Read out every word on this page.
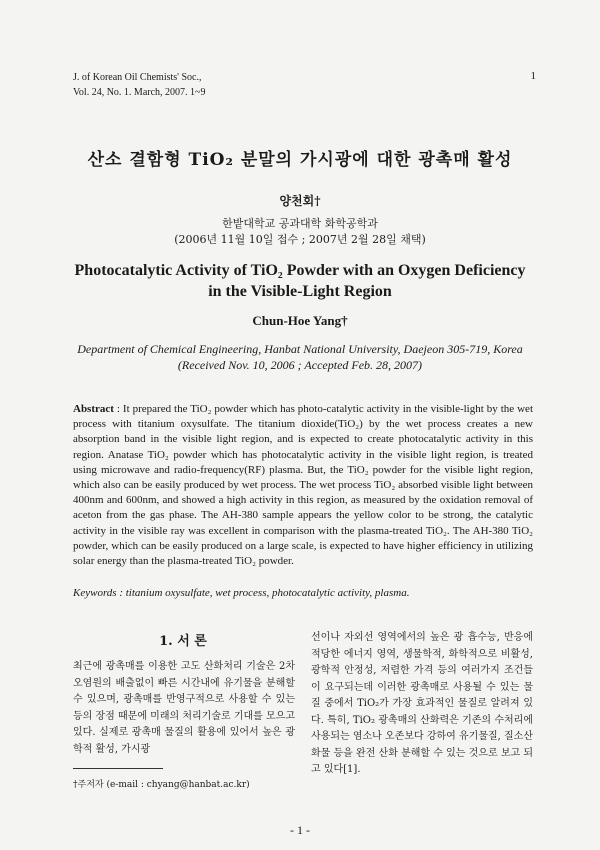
J. of Korean Oil Chemists' Soc.,
Vol. 24, No. 1. March, 2007. 1~9
1
산소 결함형 TiO₂ 분말의 가시광에 대한 광촉매 활성
양천회†
한밭대학교 공과대학 화학공학과
(2006년 11월 10일 접수 ; 2007년 2월 28일 채택)
Photocatalytic Activity of TiO₂ Powder with an Oxygen Deficiency
in the Visible-Light Region
Chun-Hoe Yang†
Department of Chemical Engineering, Hanbat National University, Daejeon 305-719, Korea
(Received Nov. 10, 2006 ; Accepted Feb. 28, 2007)
Abstract : It prepared the TiO₂ powder which has photo-catalytic activity in the visible-light by the wet process with titanium oxysulfate. The titanium dioxide(TiO₂) by the wet process creates a new absorption band in the visible light region, and is expected to create photocatalytic activity in this region. Anatase TiO₂ powder which has photocatalytic activity in the visible light region, is treated using microwave and radio-frequency(RF) plasma. But, the TiO₂ powder for the visible light region, which also can be easily produced by wet process. The wet process TiO₂ absorbed visible light between 400nm and 600nm, and showed a high activity in this region, as measured by the oxidation removal of aceton from the gas phase. The AH-380 sample appears the yellow color to be strong, the catalytic activity in the visible ray was excellent in comparison with the plasma-treated TiO₂. The AH-380 TiO₂ powder, which can be easily produced on a large scale, is expected to have higher efficiency in utilizing solar energy than the plasma-treated TiO₂ powder.
Keywords : titanium oxysulfate, wet process, photocatalytic activity, plasma.
1. 서 론
최근에 광촉매를 이용한 고도 산화처리 기술은 2차 오염원의 배출없이 빠른 시간내에 유기물을 분해할 수 있으며, 광촉매를 반영구적으로 사용할 수 있는 등의 장점 때문에 미래의 처리기술로 기대를 모으고 있다. 실제로 광촉매 물질의 활용에 있어서 높은 광학적 활성, 가시광
선이나 자외선 영역에서의 높은 광 흡수능, 반응에 적당한 에너지 영역, 생물학적, 화학적으로 비활성, 광학적 안정성, 저렴한 가격 등의 여러가지 조건들이 요구되는데 이러한 광촉매로 사용될 수 있는 물질 중에서 TiO₂가 가장 효과적인 물질로 알려져 있다. 특히, TiO₂ 광촉매의 산화력은 기존의 수처리에 사용되는 염소나 오존보다 강하여 유기물질, 질소산화물 등을 완전 산화 분해할 수 있는 것으로 보고 되고 있다[1].
†주저자 (e-mail : chyang@hanbat.ac.kr)
- 1 -
